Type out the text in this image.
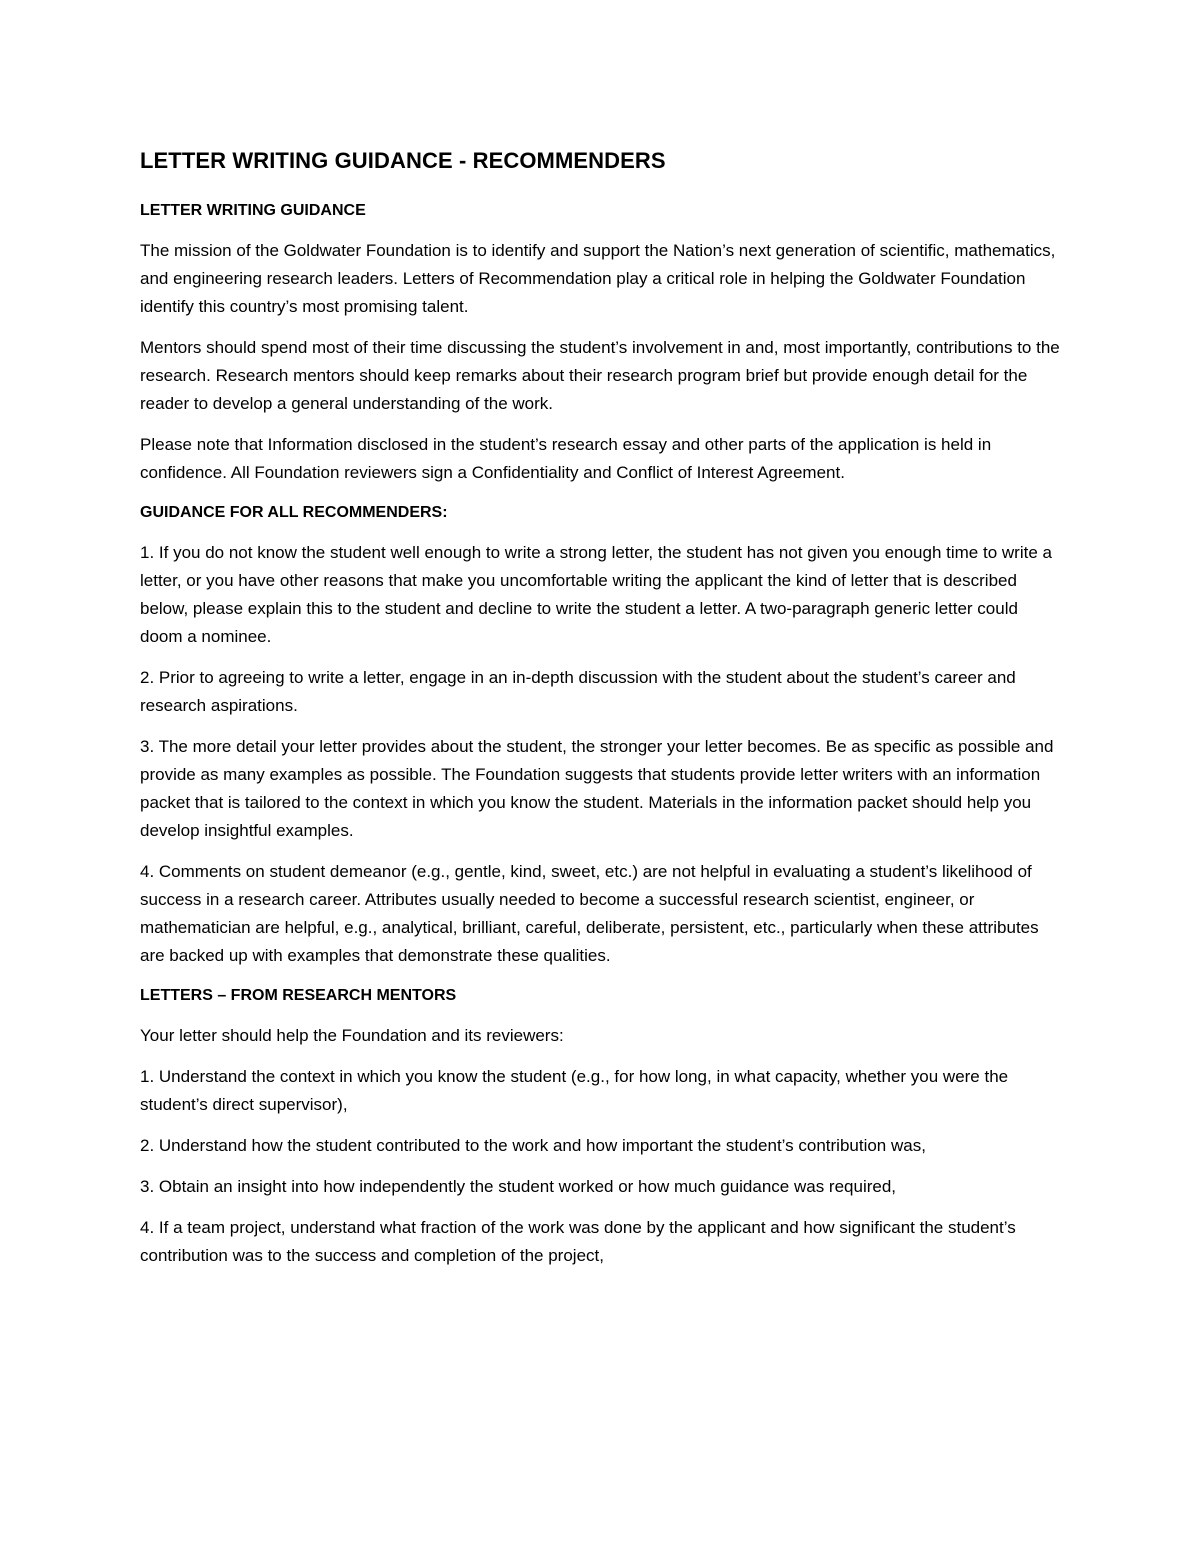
LETTER WRITING GUIDANCE - RECOMMENDERS
LETTER WRITING GUIDANCE

The mission of the Goldwater Foundation is to identify and support the Nation’s next generation of scientific, mathematics, and engineering research leaders. Letters of Recommendation play a critical role in helping the Goldwater Foundation identify this country’s most promising talent.

Mentors should spend most of their time discussing the student’s involvement in and, most importantly, contributions to the research. Research mentors should keep remarks about their research program brief but provide enough detail for the reader to develop a general understanding of the work.

Please note that Information disclosed in the student’s research essay and other parts of the application is held in confidence. All Foundation reviewers sign a Confidentiality and Conflict of Interest Agreement.

GUIDANCE FOR ALL RECOMMENDERS:

1. If you do not know the student well enough to write a strong letter, the student has not given you enough time to write a letter, or you have other reasons that make you uncomfortable writing the applicant the kind of letter that is described below, please explain this to the student and decline to write the student a letter. A two-paragraph generic letter could doom a nominee.

2. Prior to agreeing to write a letter, engage in an in-depth discussion with the student about the student’s career and research aspirations.

3. The more detail your letter provides about the student, the stronger your letter becomes. Be as specific as possible and provide as many examples as possible. The Foundation suggests that students provide letter writers with an information packet that is tailored to the context in which you know the student. Materials in the information packet should help you develop insightful examples.

4. Comments on student demeanor (e.g., gentle, kind, sweet, etc.) are not helpful in evaluating a student’s likelihood of success in a research career. Attributes usually needed to become a successful research scientist, engineer, or mathematician are helpful, e.g., analytical, brilliant, careful, deliberate, persistent, etc., particularly when these attributes are backed up with examples that demonstrate these qualities.

LETTERS – FROM RESEARCH MENTORS

Your letter should help the Foundation and its reviewers:

1. Understand the context in which you know the student (e.g., for how long, in what capacity, whether you were the student’s direct supervisor),

2. Understand how the student contributed to the work and how important the student’s contribution was,

3. Obtain an insight into how independently the student worked or how much guidance was required,

4. If a team project, understand what fraction of the work was done by the applicant and how significant the student’s contribution was to the success and completion of the project,
